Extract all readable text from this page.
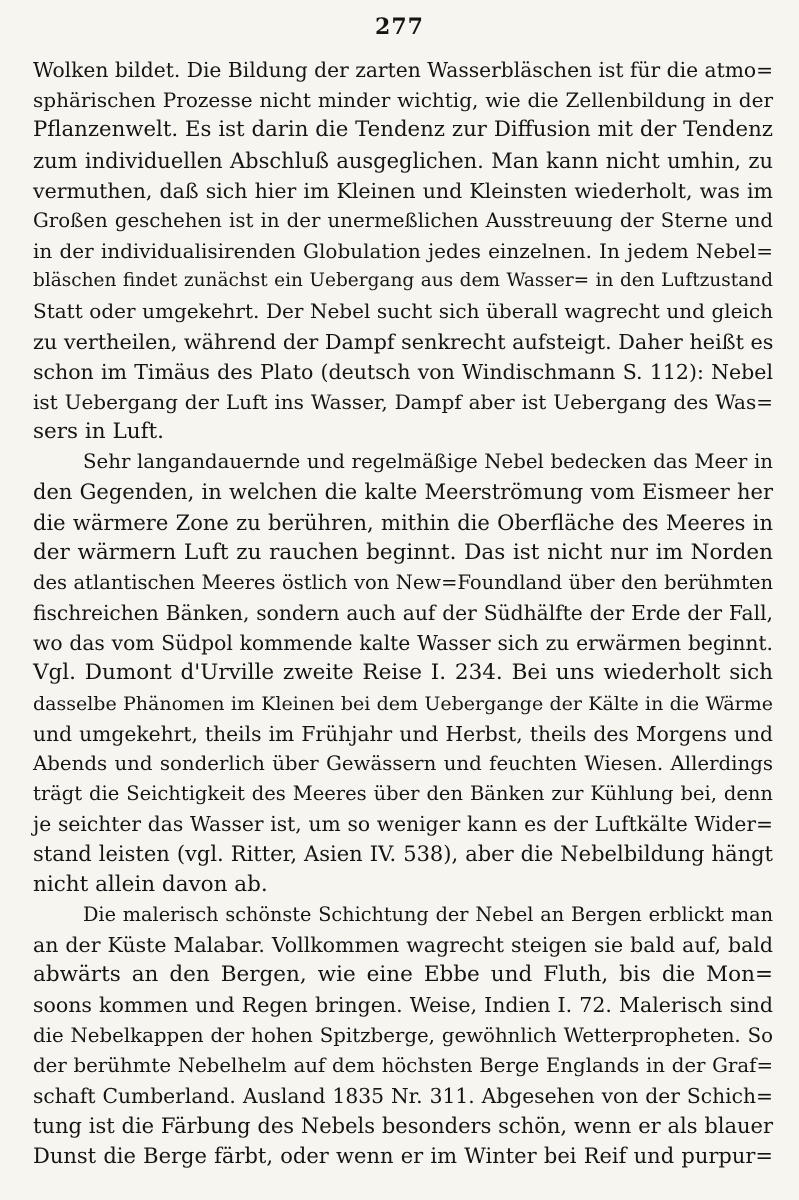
277
Wolken bildet. Die Bildung der zarten Wasserbläschen ist für die atmo=
sphärischen Prozesse nicht minder wichtig, wie die Zellenbildung in der
Pflanzenwelt. Es ist darin die Tendenz zur Diffusion mit der Tendenz
zum individuellen Abschluß ausgeglichen. Man kann nicht umhin, zu
vermuthen, daß sich hier im Kleinen und Kleinsten wiederholt, was im
Großen geschehen ist in der unermeßlichen Ausstreuung der Sterne und
in der individualisirenden Globulation jedes einzelnen. In jedem Nebel=
bläschen findet zunächst ein Uebergang aus dem Wasser= in den Luftzustand
Statt oder umgekehrt. Der Nebel sucht sich überall wagrecht und gleich
zu vertheilen, während der Dampf senkrecht aufsteigt. Daher heißt es
schon im Timäus des Plato (deutsch von Windischmann S. 112): Nebel
ist Uebergang der Luft ins Wasser, Dampf aber ist Uebergang des Was=
sers in Luft.
Sehr langandauernde und regelmäßige Nebel bedecken das Meer in
den Gegenden, in welchen die kalte Meerströmung vom Eismeer her
die wärmere Zone zu berühren, mithin die Oberfläche des Meeres in
der wärmern Luft zu rauchen beginnt. Das ist nicht nur im Norden
des atlantischen Meeres östlich von New=Foundland über den berühmten
fischreichen Bänken, sondern auch auf der Südhälfte der Erde der Fall,
wo das vom Südpol kommende kalte Wasser sich zu erwärmen beginnt.
Vgl. Dumont d'Urville zweite Reise I. 234. Bei uns wiederholt sich
dasselbe Phänomen im Kleinen bei dem Uebergange der Kälte in die Wärme
und umgekehrt, theils im Frühjahr und Herbst, theils des Morgens und
Abends und sonderlich über Gewässern und feuchten Wiesen. Allerdings
trägt die Seichtigkeit des Meeres über den Bänken zur Kühlung bei, denn
je seichter das Wasser ist, um so weniger kann es der Luftkälte Wider=
stand leisten (vgl. Ritter, Asien IV. 538), aber die Nebelbildung hängt
nicht allein davon ab.
Die malerisch schönste Schichtung der Nebel an Bergen erblickt man
an der Küste Malabar. Vollkommen wagrecht steigen sie bald auf, bald
abwärts an den Bergen, wie eine Ebbe und Fluth, bis die Mon=
soons kommen und Regen bringen. Weise, Indien I. 72. Malerisch sind
die Nebelkappen der hohen Spitzberge, gewöhnlich Wetterpropheten. So
der berühmte Nebelhelm auf dem höchsten Berge Englands in der Graf=
schaft Cumberland. Ausland 1835 Nr. 311. Abgesehen von der Schich=
tung ist die Färbung des Nebels besonders schön, wenn er als blauer
Dunst die Berge färbt, oder wenn er im Winter bei Reif und purpur=
